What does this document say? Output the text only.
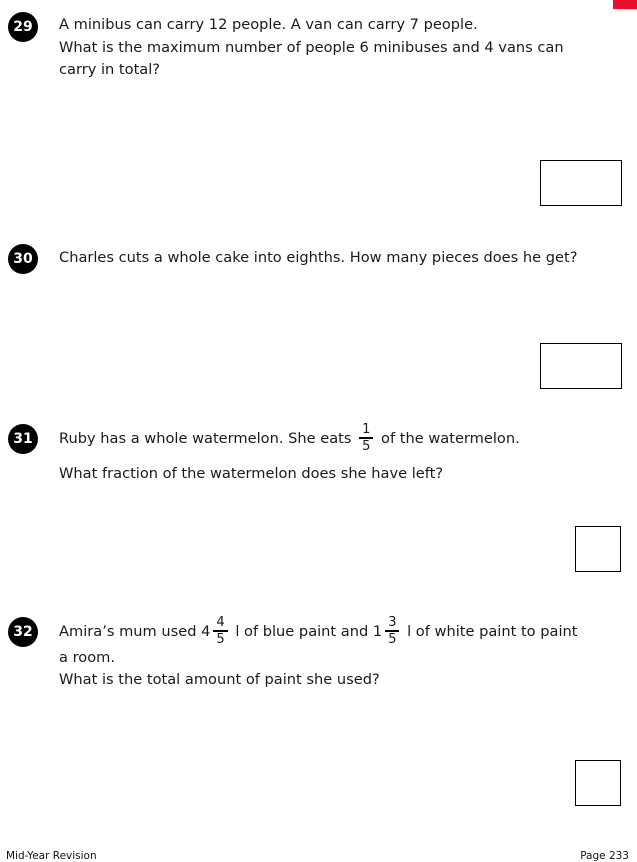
29	A minibus can carry 12 people. A van can carry 7 people.
What is the maximum number of people 6 minibuses and 4 vans can
carry in total?
30	Charles cuts a whole cake into eighths. How many pieces does he get?
31	Ruby has a whole watermelon. She eats $\frac{1}{5}$ of the watermelon.
What fraction of the watermelon does she have left?
32	Amira’s mum used $4 \frac{4}{5}$ l of blue paint and $1 \frac{3}{5}$ l of white paint to paint
a room.
What is the total amount of paint she used?
Mid-Year Revision	Page 233
